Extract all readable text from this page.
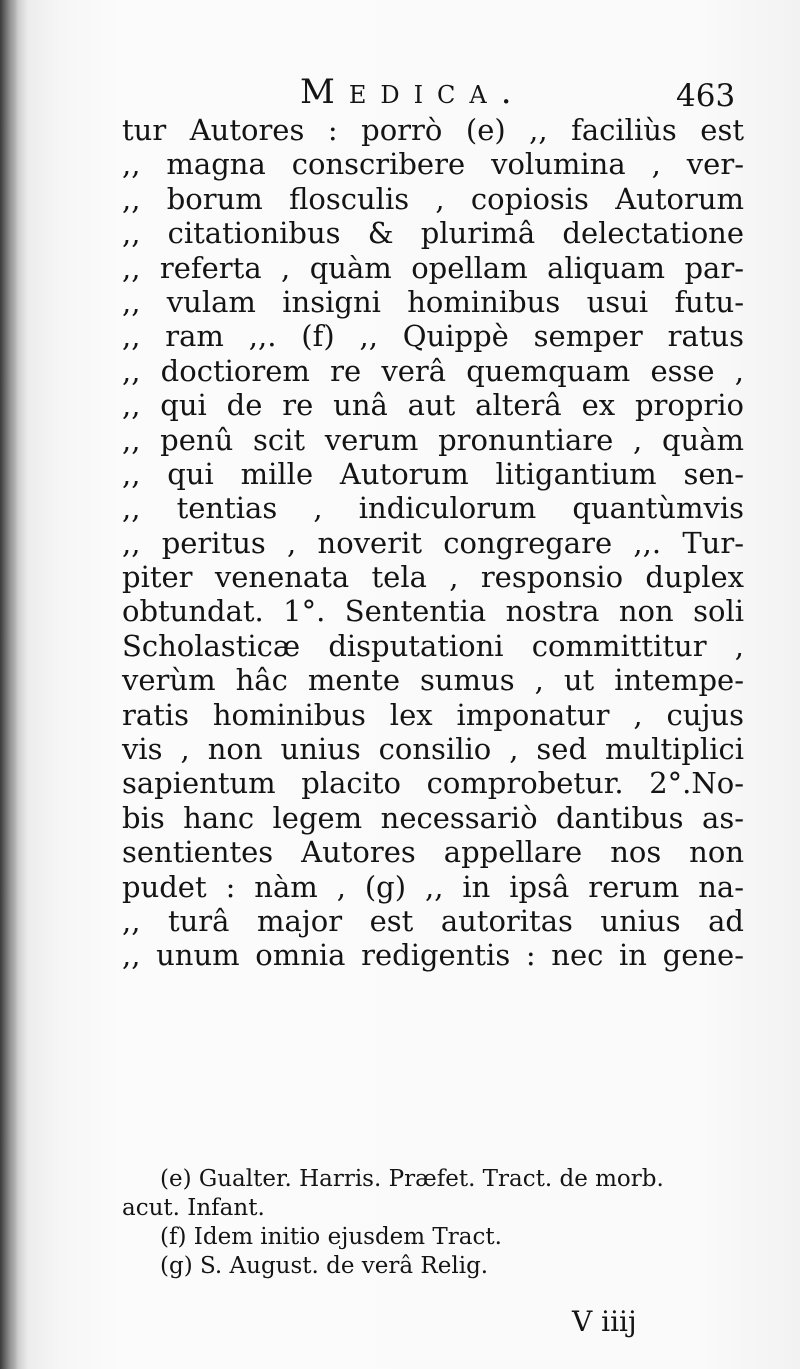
Medica.	463
tur Autores : porrò (e) ,, faciliùs est
,, magna conscribere volumina , ver-
,, borum flosculis , copiosis Autorum
,, citationibus & plurimâ delectatione
,, referta , quàm opellam aliquam par-
,, vulam insigni hominibus usui futu-
,, ram ,,. (f) ,, Quippè semper ratus
,, doctiorem re verâ quemquam esse ,
,, qui de re unâ aut alterâ ex proprio
,, penû scit verum pronuntiare , quàm
,, qui mille Autorum litigantium sen-
,, tentias , indiculorum quantùmvis
,, peritus , noverit congregare ,,. Tur-
piter venenata tela , responsio duplex
obtundat. 1°. Sententia nostra non soli
Scholasticæ disputationi committitur ,
verùm hâc mente sumus , ut intempe-
ratis hominibus lex imponatur , cujus
vis , non unius consilio , sed multiplici
sapientum placito comprobetur. 2°.No-
bis hanc legem necessariò dantibus as-
sentientes Autores appellare nos non
pudet : nàm , (g) ,, in ipsâ rerum na-
,, turâ major est autoritas unius ad
,, unum omnia redigentis : nec in gene-
(e) Gualter. Harris. Præfet. Tract. de morb.
acut. Infant.
(f) Idem initio ejusdem Tract.
(g) S. August. de verâ Relig.
V iiij
